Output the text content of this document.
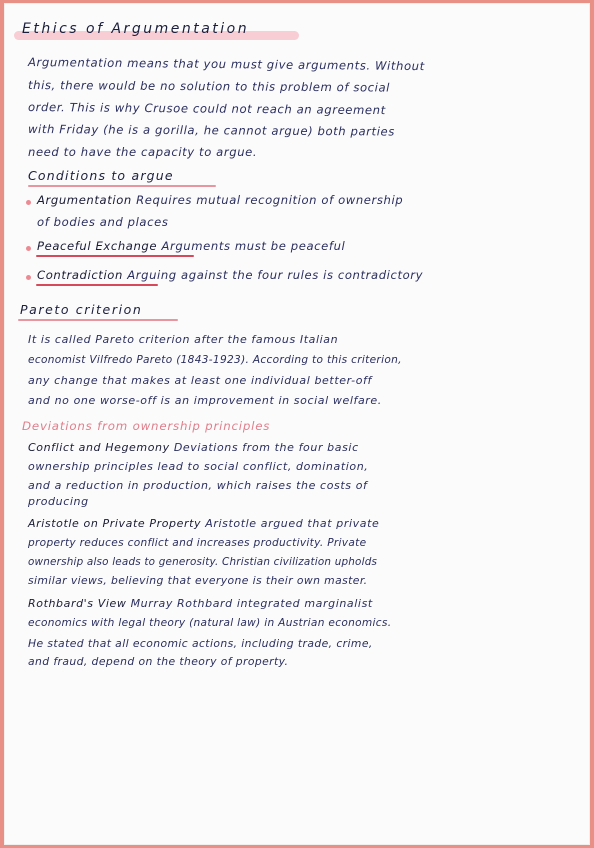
Ethics of Argumentation
Argumentation means that you must give arguments. Without
this, there would be no solution to this problem of social
order. This is why Crusoe could not reach an agreement
with Friday (he is a gorilla, he cannot argue) both parties
need to have the capacity to argue.
Conditions to argue
Argumentation Requires mutual recognition of ownership
of bodies and places
Peaceful Exchange Arguments must be peaceful
Contradiction Arguing against the four rules is contradictory
Pareto criterion
It is called Pareto criterion after the famous Italian
economist Vilfredo Pareto (1843-1923). According to this criterion,
any change that makes at least one individual better-off
and no one worse-off is an improvement in social welfare.
Deviations from ownership principles
Conflict and Hegemony Deviations from the four basic
ownership principles lead to social conflict, domination,
and a reduction in production, which raises the costs of
producing
Aristotle on Private Property Aristotle argued that private
property reduces conflict and increases productivity. Private
ownership also leads to generosity. Christian civilization upholds
similar views, believing that everyone is their own master.
Rothbard's View Murray Rothbard integrated marginalist
economics with legal theory (natural law) in Austrian economics.
He stated that all economic actions, including trade, crime,
and fraud, depend on the theory of property.
